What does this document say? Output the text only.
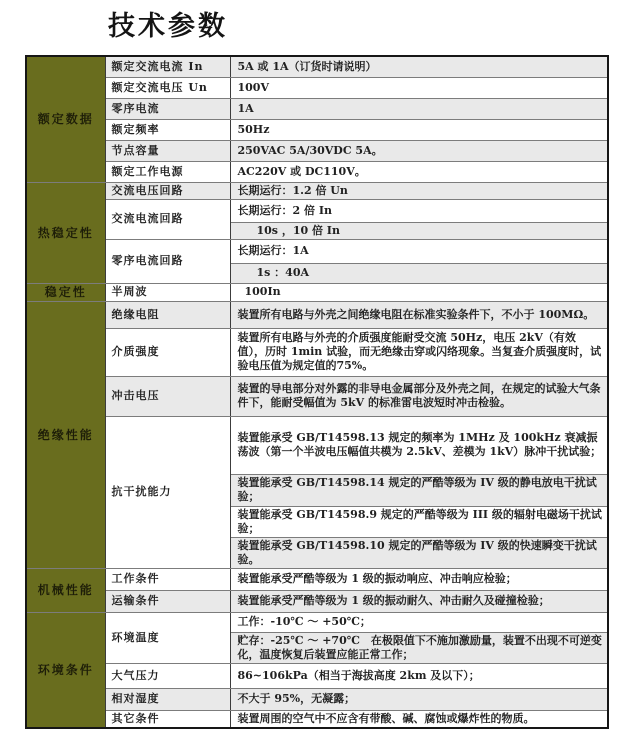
技术参数
额定数据	额定交流电流 In	5A 或 1A（订货时请说明）
	额定交流电压 Un	100V
	零序电流	1A
	额定频率	50Hz
	节点容量	250VAC 5A/30VDC 5A。
	额定工作电源	AC220V 或 DC110V。
热稳定性	交流电压回路	长期运行：1.2 倍 Un
	交流电流回路	长期运行：2 倍 In
		10s ，10 倍 In
	零序电流回路	长期运行：1A
		1s ：40A
稳定性	半周波	100In
绝缘性能	绝缘电阻	装置所有电路与外壳之间绝缘电阻在标准实验条件下，不小于 100MΩ。
	介质强度	装置所有电路与外壳的介质强度能耐受交流 50Hz，电压 2kV（有效值），历时 1min 试验，而无绝缘击穿或闪络现象。当复查介质强度时，试验电压值为规定值的75%。
	冲击电压	装置的导电部分对外露的非导电金属部分及外壳之间，在规定的试验大气条件下，能耐受幅值为 5kV 的标准雷电波短时冲击检验。
	抗干扰能力	装置能承受 GB/T14598.13 规定的频率为 1MHz 及 100kHz 衰减振荡波（第一个半波电压幅值共模为 2.5kV、差模为 1kV）脉冲干扰试验；
		装置能承受 GB/T14598.14 规定的严酷等级为 IV 级的静电放电干扰试验；
		装置能承受 GB/T14598.9 规定的严酷等级为 III 级的辐射电磁场干扰试验；
		装置能承受 GB/T14598.10 规定的严酷等级为 IV 级的快速瞬变干扰试验。
机械性能	工作条件	装置能承受严酷等级为 1 级的振动响应、冲击响应检验；
	运输条件	装置能承受严酷等级为 1 级的振动耐久、冲击耐久及碰撞检验；
环境条件	环境温度	工作：-10℃ ～ +50℃；
		贮存：-25℃ ～ +70℃　在极限值下不施加激励量，装置不出现不可逆变化，温度恢复后装置应能正常工作；
	大气压力	86~106kPa（相当于海拔高度 2km 及以下）；
	相对湿度	不大于 95%，无凝露；
	其它条件	装置周围的空气中不应含有带酸、碱、腐蚀或爆炸性的物质。
